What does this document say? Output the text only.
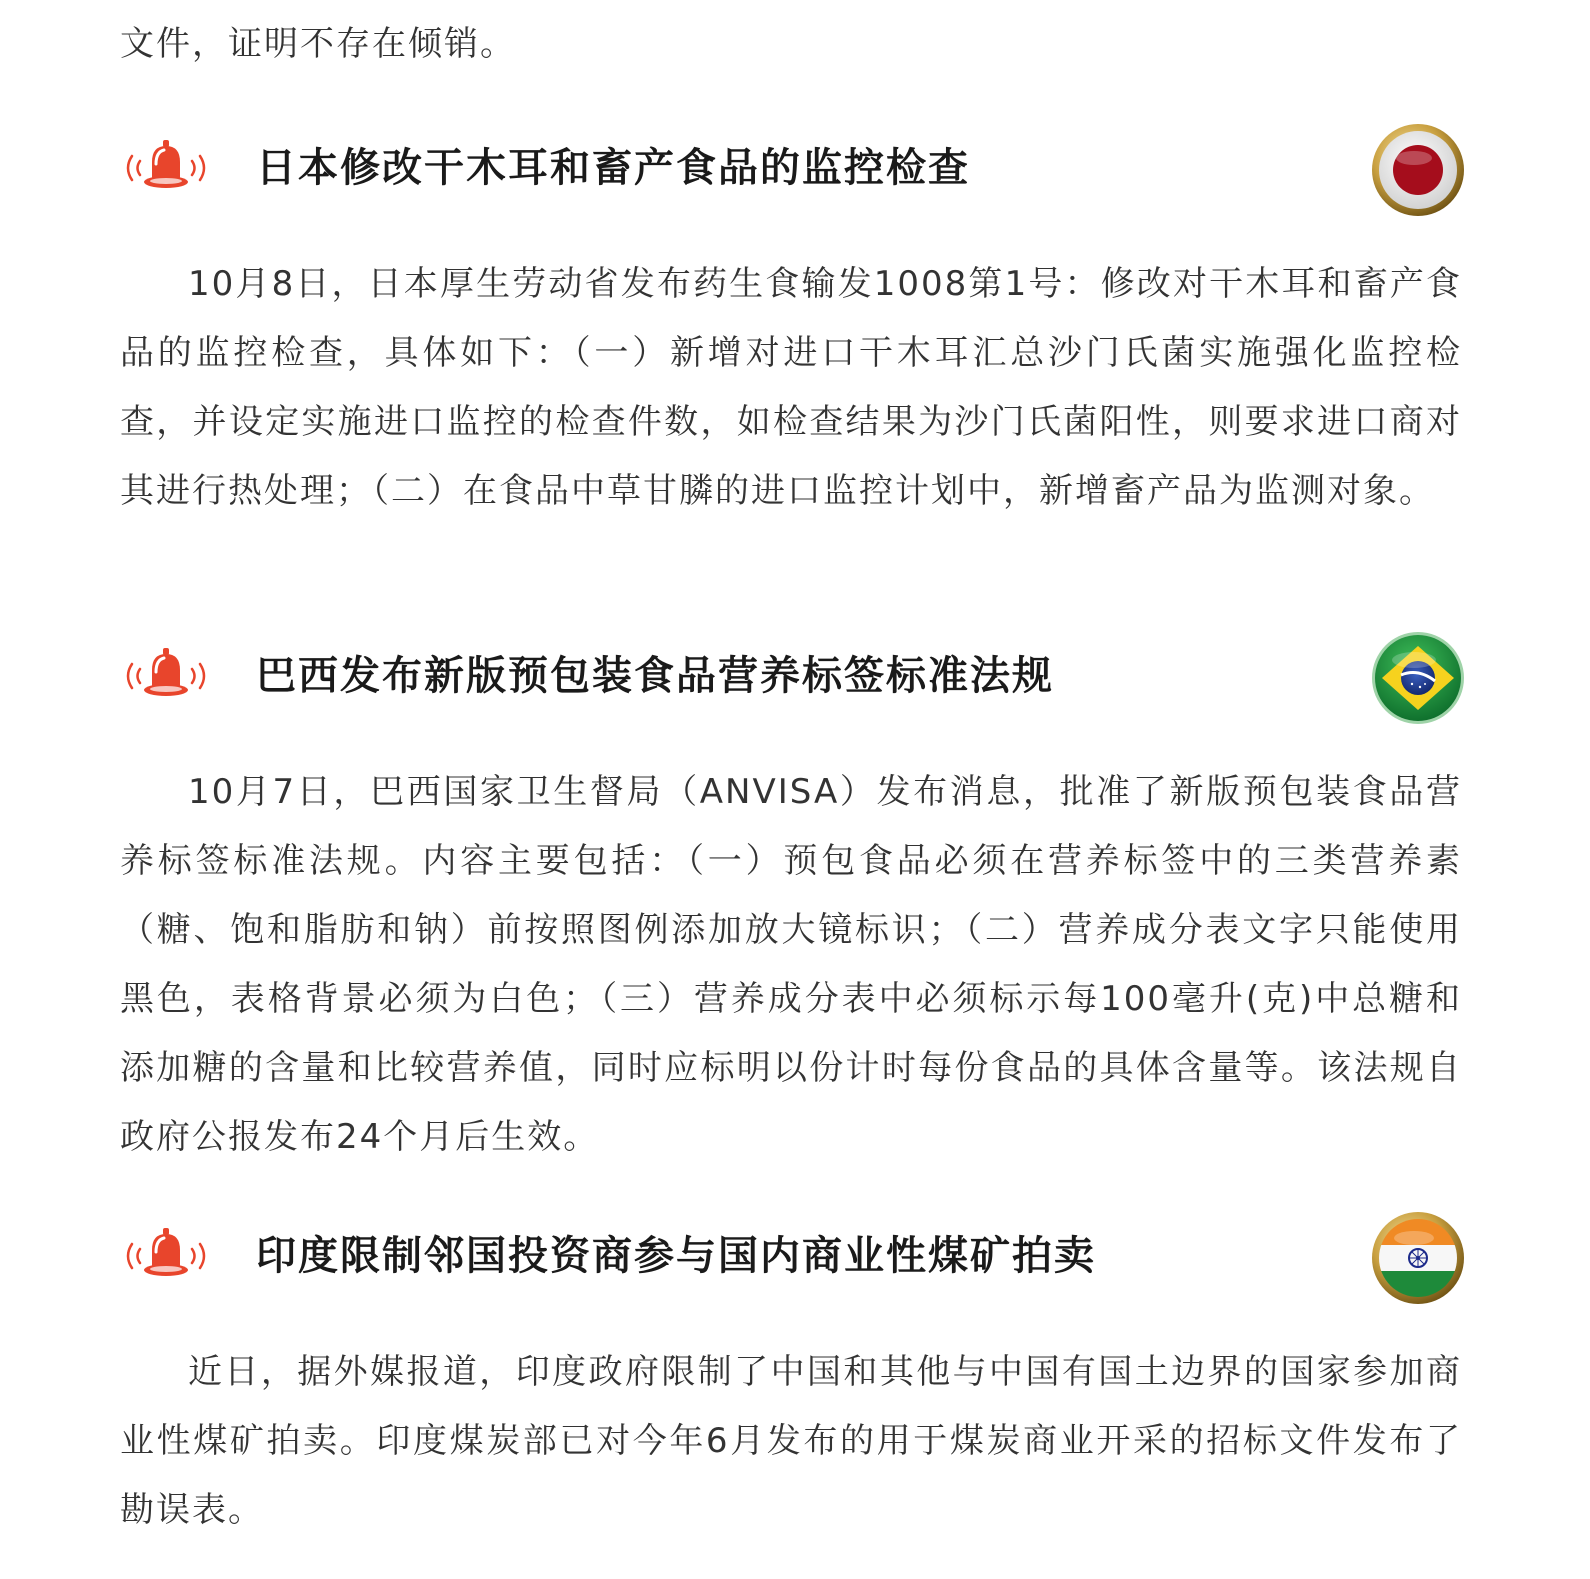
文件，证明不存在倾销。

日本修改干木耳和畜产食品的监控检查

10月8日，日本厚生劳动省发布药生食输发1008第1号：修改对干木耳和畜产食品的监控检查，具体如下：（一）新增对进口干木耳汇总沙门氏菌实施强化监控检查，并设定实施进口监控的检查件数，如检查结果为沙门氏菌阳性，则要求进口商对其进行热处理；（二）在食品中草甘膦的进口监控计划中，新增畜产品为监测对象。

巴西发布新版预包装食品营养标签标准法规

10月7日，巴西国家卫生督局（ANVISA）发布消息，批准了新版预包装食品营养标签标准法规。内容主要包括：（一）预包食品必须在营养标签中的三类营养素（糖、饱和脂肪和钠）前按照图例添加放大镜标识；（二）营养成分表文字只能使用黑色，表格背景必须为白色；（三）营养成分表中必须标示每100毫升(克)中总糖和添加糖的含量和比较营养值，同时应标明以份计时每份食品的具体含量等。该法规自政府公报发布24个月后生效。

印度限制邻国投资商参与国内商业性煤矿拍卖

近日，据外媒报道，印度政府限制了中国和其他与中国有国土边界的国家参加商业性煤矿拍卖。印度煤炭部已对今年6月发布的用于煤炭商业开采的招标文件发布了勘误表。
